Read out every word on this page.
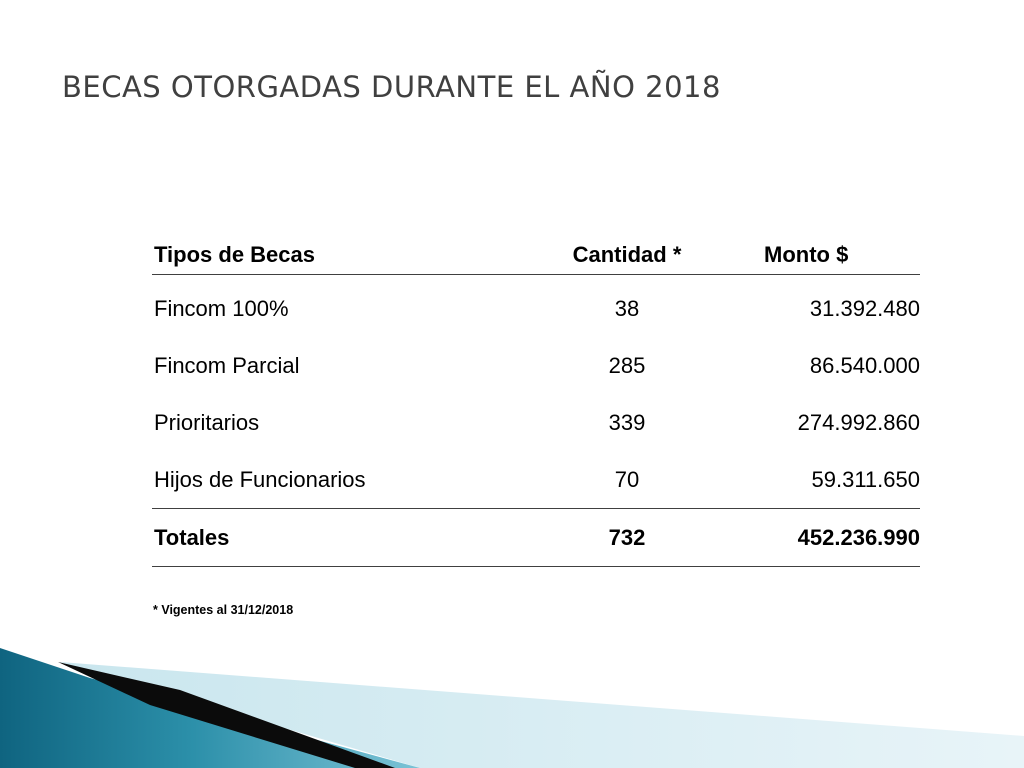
BECAS OTORGADAS DURANTE EL AÑO 2018
Tipos de Becas	Cantidad *	Monto $
Fincom 100%	38	31.392.480
Fincom Parcial	285	86.540.000
Prioritarios	339	274.992.860
Hijos de Funcionarios	70	59.311.650
Totales	732	452.236.990
* Vigentes al 31/12/2018
